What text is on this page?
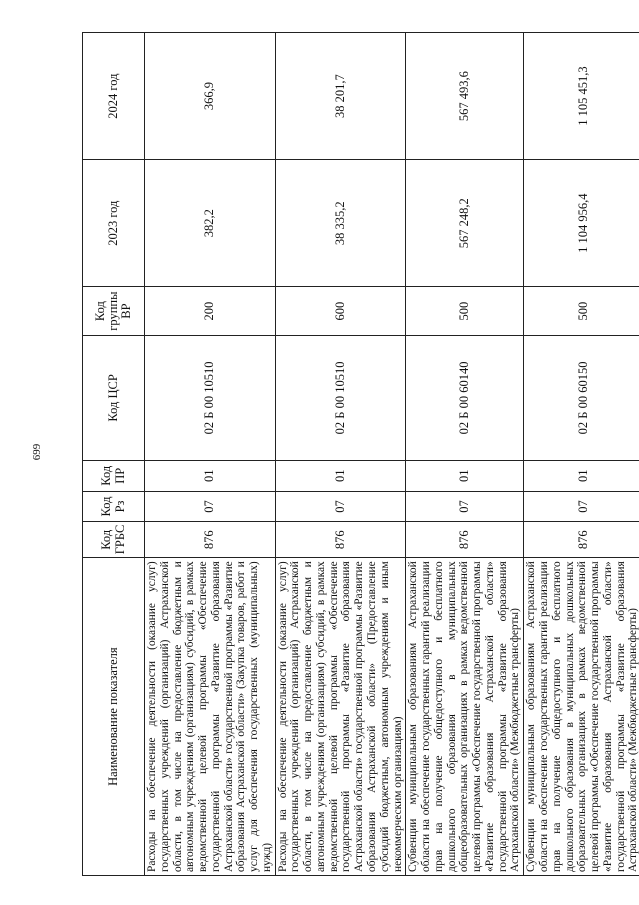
699
Наименование показателя	Код ГРБС	Код Рз	Код ПР	Код ЦСР	Код группы ВР	2023 год	2024 год
Расходы на обеспечение деятельности (оказание услуг) государственных учреждений (организаций) Астраханской области, в том числе на предоставление бюджетным и автономным учреждениям (организациям) субсидий, в рамках ведомственной целевой программы «Обеспечение государственной программы «Развитие образования Астраханской области» государственной программы «Развитие образования Астраханской области» (Закупка товаров, работ и услуг для обеспечения государственных (муниципальных) нужд)	876	07	01	02 Б 00 10510	200	382,2	366,9
Расходы на обеспечение деятельности (оказание услуг) государственных учреждений (организаций) Астраханской области, в том числе на предоставление бюджетным и автономным учреждениям (организациям) субсидий, в рамках ведомственной целевой программы «Обеспечение государственной программы «Развитие образования Астраханской области» государственной программы «Развитие образования Астраханской области» (Предоставление субсидий бюджетным, автономным учреждениям и иным некоммерческим организациям)	876	07	01	02 Б 00 10510	600	38 335,2	38 201,7
Субвенции муниципальным образованиям Астраханской области на обеспечение государственных гарантий реализации прав на получение общедоступного и бесплатного дошкольного образования в муниципальных общеобразовательных организациях в рамках ведомственной целевой программы «Обеспечение государственной программы «Развитие образования Астраханской области» государственной программы «Развитие образования Астраханской области» (Межбюджетные трансферты)	876	07	01	02 Б 00 60140	500	567 248,2	567 493,6
Субвенции муниципальным образованиям Астраханской области на обеспечение государственных гарантий реализации прав на получение общедоступного и бесплатного дошкольного образования в муниципальных дошкольных образовательных организациях в рамках ведомственной целевой программы «Обеспечение государственной программы «Развитие образования Астраханской области» государственной программы «Развитие образования Астраханской области» (Межбюджетные трансферты)	876	07	01	02 Б 00 60150	500	1 104 956,4	1 105 451,3
